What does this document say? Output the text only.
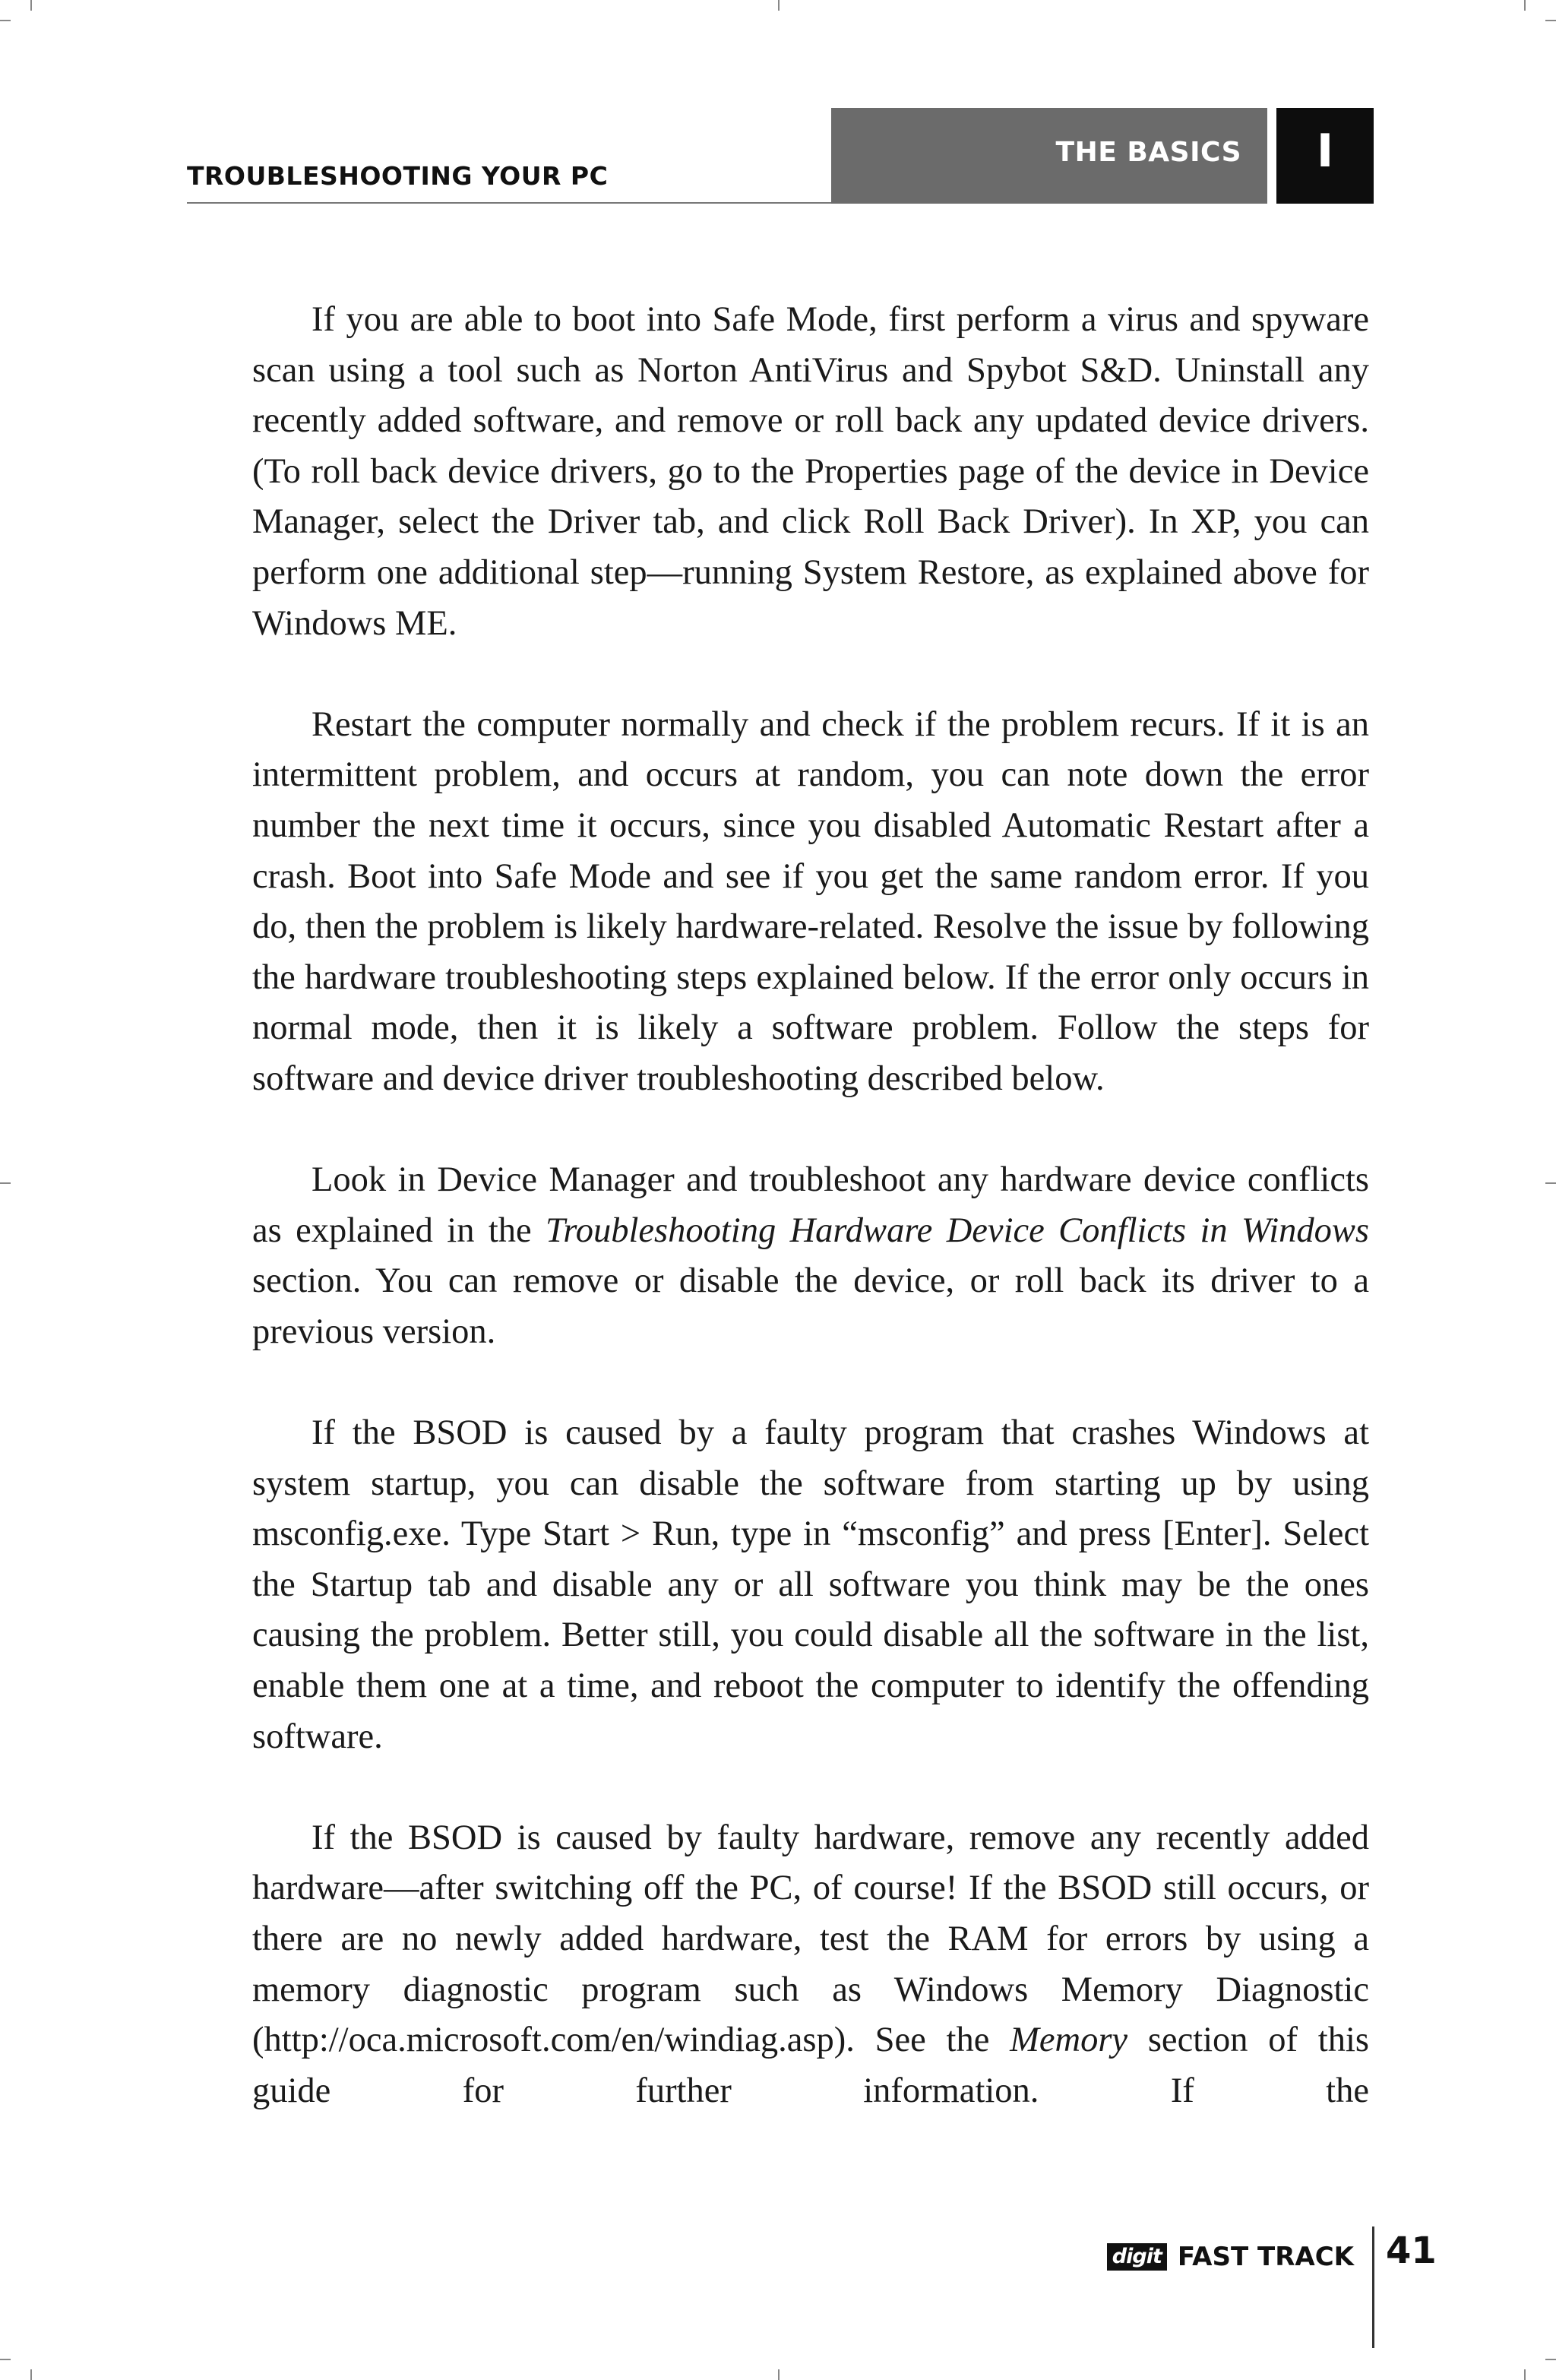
TROUBLESHOOTING YOUR PC
THE BASICS	I

If you are able to boot into Safe Mode, first perform a virus and spyware scan using a tool such as Norton AntiVirus and Spybot S&D. Uninstall any recently added software, and remove or roll back any updated device drivers. (To roll back device drivers, go to the Properties page of the device in Device Manager, select the Driver tab, and click Roll Back Driver). In XP, you can perform one additional step—running System Restore, as explained above for Windows ME.

Restart the computer normally and check if the problem recurs. If it is an intermittent problem, and occurs at random, you can note down the error number the next time it occurs, since you disabled Automatic Restart after a crash. Boot into Safe Mode and see if you get the same random error. If you do, then the problem is likely hardware-related. Resolve the issue by following the hardware troubleshooting steps explained below. If the error only occurs in normal mode, then it is likely a software problem. Follow the steps for software and device driver troubleshooting described below.

Look in Device Manager and troubleshoot any hardware device conflicts as explained in the Troubleshooting Hardware Device Conflicts in Windows section. You can remove or disable the device, or roll back its driver to a previous version.

If the BSOD is caused by a faulty program that crashes Windows at system startup, you can disable the software from starting up by using msconfig.exe. Type Start > Run, type in “msconfig” and press [Enter]. Select the Startup tab and disable any or all software you think may be the ones causing the problem. Better still, you could disable all the software in the list, enable them one at a time, and reboot the computer to identify the offending software.

If the BSOD is caused by faulty hardware, remove any recently added hardware—after switching off the PC, of course! If the BSOD still occurs, or there are no newly added hardware, test the RAM for errors by using a memory diagnostic program such as Windows Memory Diagnostic (http://oca.microsoft.com/en/windiag.asp). See the Memory section of this guide for further information. If the

digit FAST TRACK 41
